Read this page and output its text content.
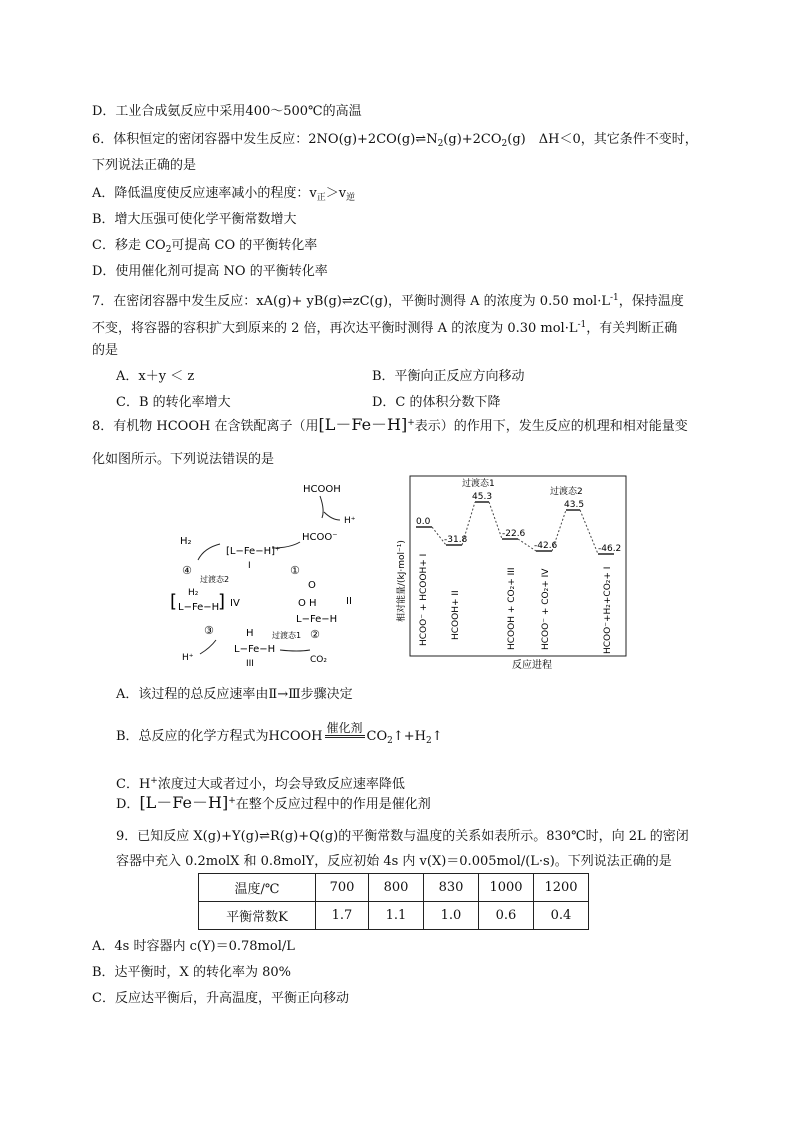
D．工业合成氨反应中采用400～500℃的高温
6．体积恒定的密闭容器中发生反应：$2NO(g)+2CO(g)\rightleftharpoons N_2(g)+2CO_2(g)$　ΔH＜0，其它条件不变时，
下列说法正确的是
A．降低温度使反应速率减小的程度：$v_正>v_逆$
B．增大压强可使化学平衡常数增大
C．移走 $CO_2$可提高 CO 的平衡转化率
D．使用催化剂可提高 NO 的平衡转化率
7．在密闭容器中发生反应：xA(g)+ yB(g)⇌zC(g)，平衡时测得 A 的浓度为 0.50 $mol\cdot L^{-1}$，保持温度
不变，将容器的容积扩大到原来的 2 倍，再次达平衡时测得 A 的浓度为 0.30 $mol\cdot L^{-1}$，有关判断正确
的是
A．x＋y ＜ z	B．平衡向正反应方向移动
C．B 的转化率增大	D．C 的体积分数下降
8．有机物 HCOOH 在含铁配离子（用[L－Fe－H]+表示）的作用下，发生反应的机理和相对能量变
化如图所示。下列说法错误的是
HCOOH
H⁺
HCOO⁻
H₂
[L−Fe−H]⁺
I
④
过渡态2
①
[ H₂
L−Fe−H
] IV
O
O H	II
L−Fe−H
③	过渡态1 ②
H
L−Fe−H
III
H⁺	CO₂
相对能量/(kJ·mol⁻¹)
反应进程
过渡态1
过渡态2
0.0
-31.8
45.3
-22.6
-42.6
43.5
-46.2
HCOO⁻ + HCOOH+ I HCOOH+ II	HCOOH + CO₂+ III	HCOO⁻ + CO₂+ IV	HCOO⁻+H₂+CO₂+ I
A．该过程的总反应速率由Ⅱ→Ⅲ步骤决定
B．总反应的化学方程式为HCOOH
催化剂
$CO_2↑+H_2↑$
C．H+浓度过大或者过小，均会导致反应速率降低
D．[L－Fe－H]+在整个反应过程中的作用是催化剂
9．已知反应 X(g)+Y(g)⇌R(g)+Q(g)的平衡常数与温度的关系如表所示。830℃时，向 2L 的密闭
容器中充入 0.2molX 和 0.8molY，反应初始 4s 内 v(X)＝0.005mol/(L·s)。下列说法正确的是
温度/℃	700	800	830	1000	1200
平衡常数K	1.7	1.1	1.0	0.6	0.4
A．4s 时容器内 c(Y)＝0.78mol/L
B．达平衡时，X 的转化率为 80%
C．反应达平衡后，升高温度，平衡正向移动
